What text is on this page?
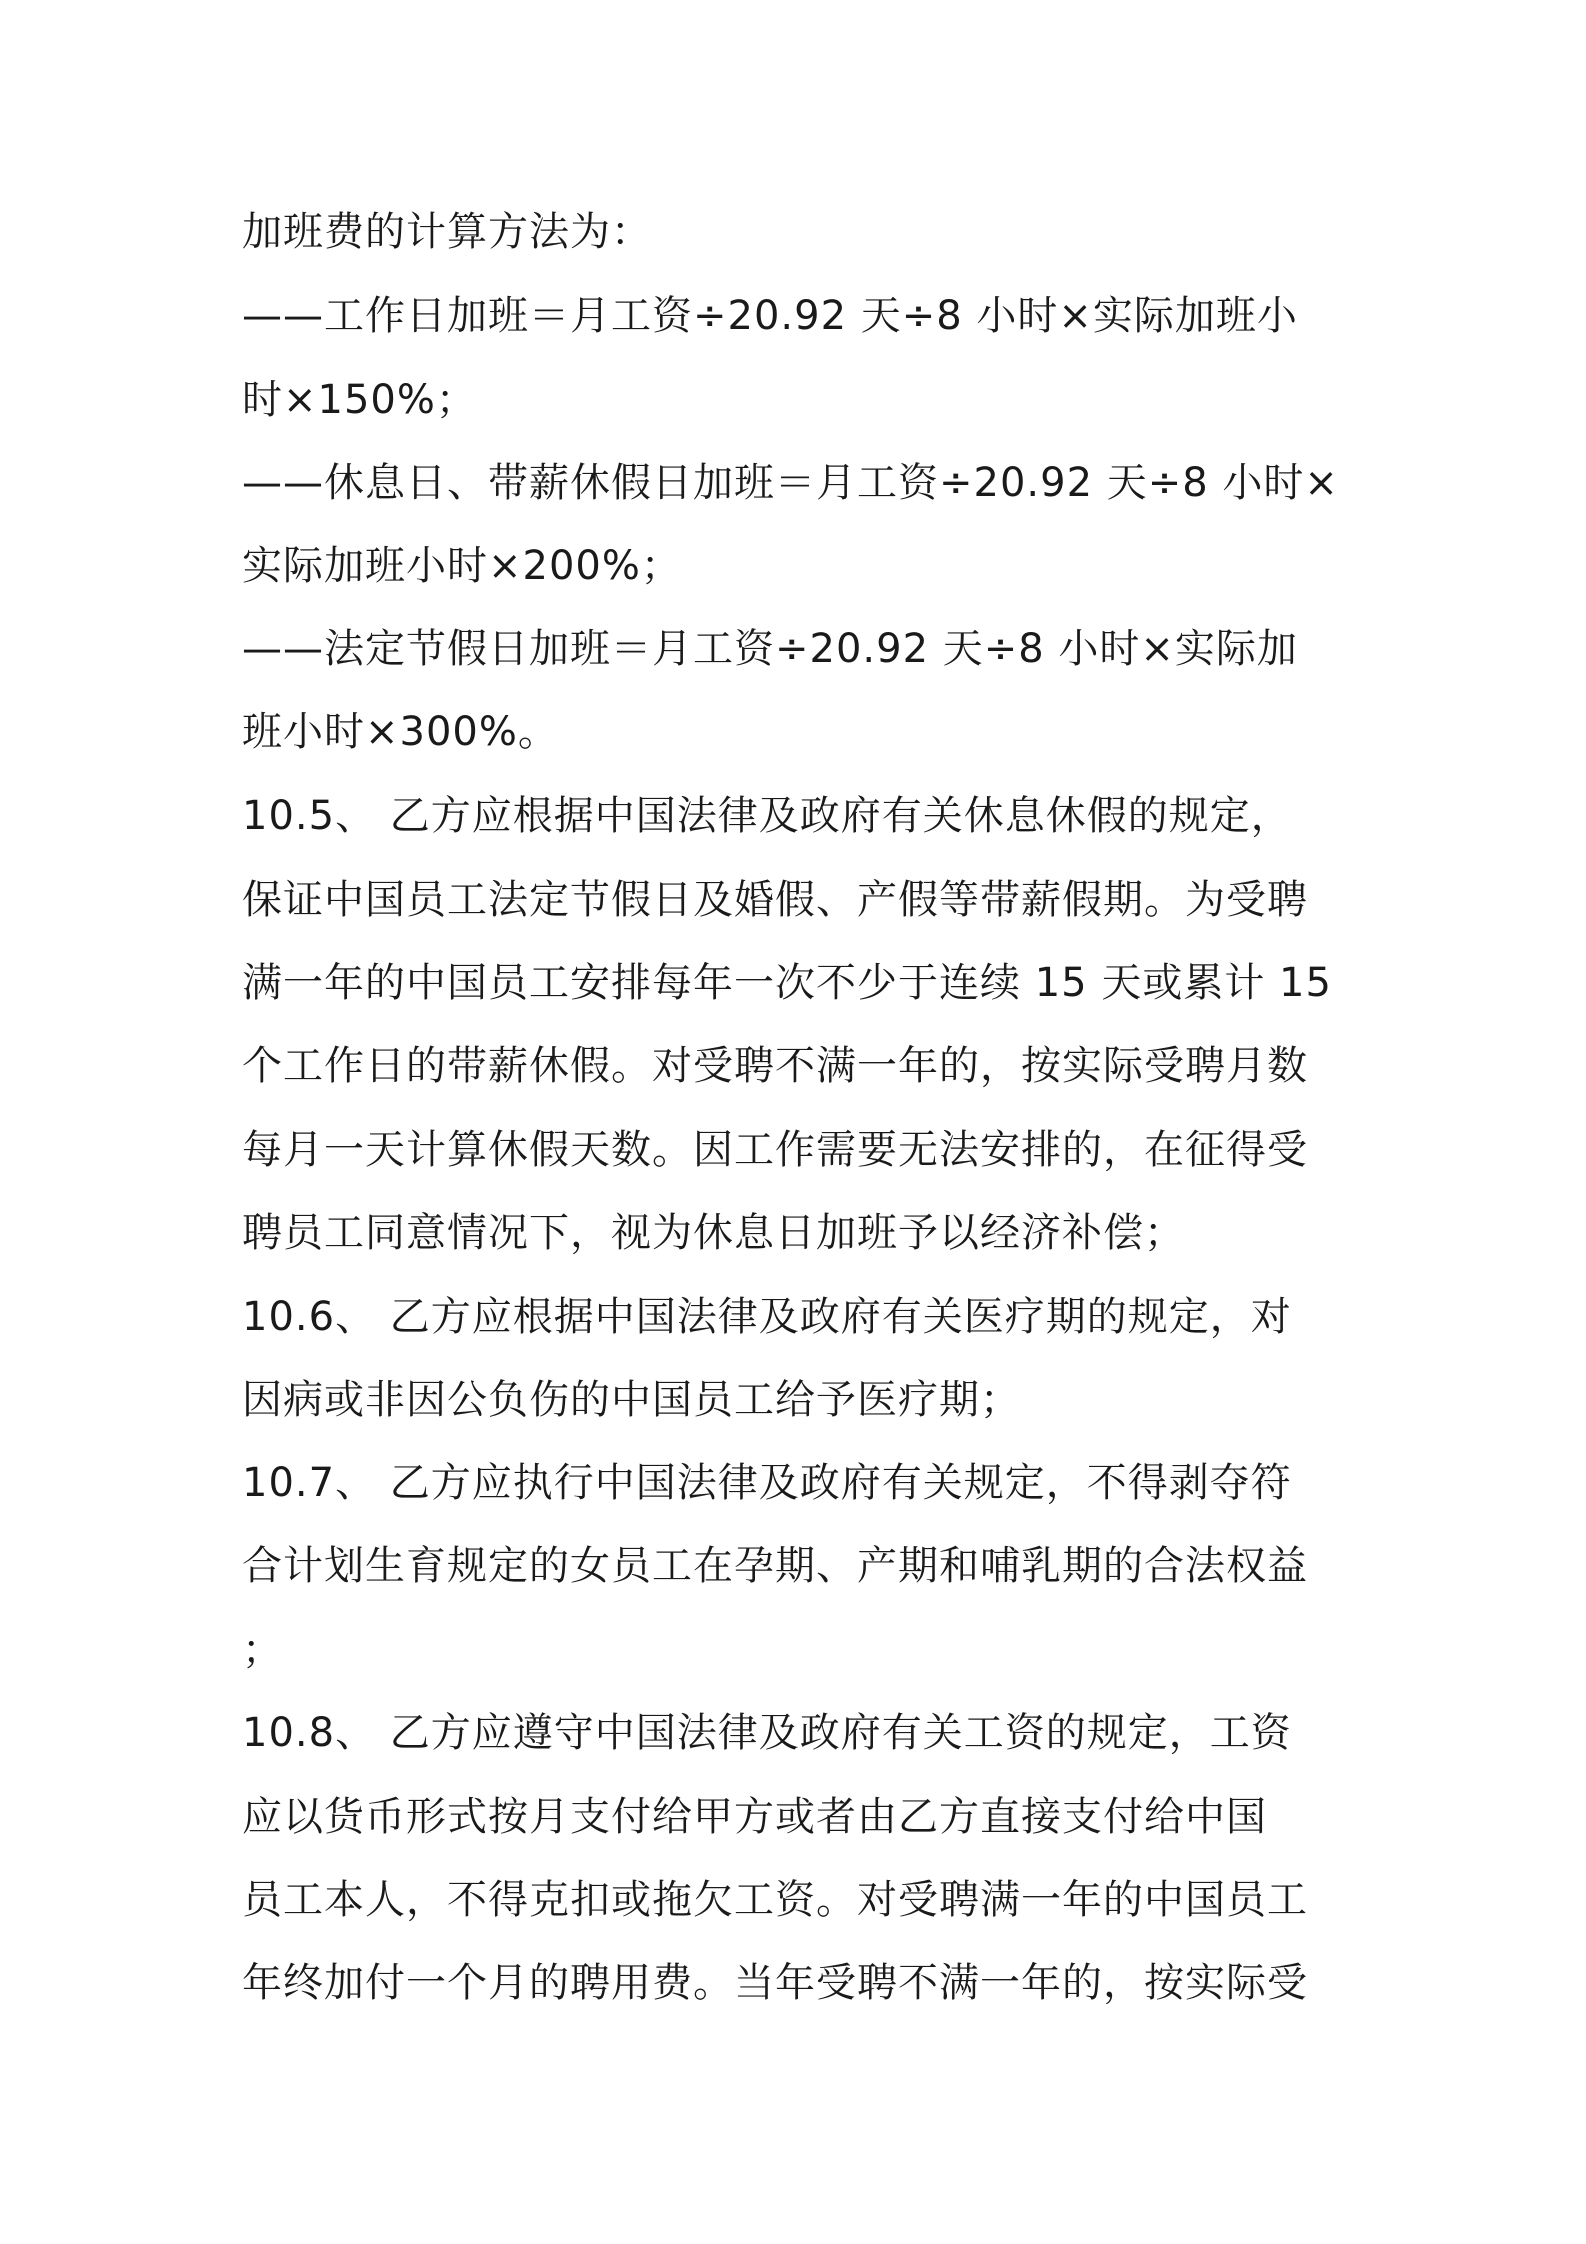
加班费的计算方法为：
——工作日加班＝月工资÷20.92 天÷8 小时×实际加班小
时×150%；
——休息日、带薪休假日加班＝月工资÷20.92 天÷8 小时×
实际加班小时×200%；
——法定节假日加班＝月工资÷20.92 天÷8 小时×实际加
班小时×300%。
10.5、 乙方应根据中国法律及政府有关休息休假的规定，
保证中国员工法定节假日及婚假、产假等带薪假期。为受聘
满一年的中国员工安排每年一次不少于连续 15 天或累计 15
个工作日的带薪休假。对受聘不满一年的，按实际受聘月数
每月一天计算休假天数。因工作需要无法安排的，在征得受
聘员工同意情况下，视为休息日加班予以经济补偿；
10.6、 乙方应根据中国法律及政府有关医疗期的规定，对
因病或非因公负伤的中国员工给予医疗期；
10.7、 乙方应执行中国法律及政府有关规定，不得剥夺符
合计划生育规定的女员工在孕期、产期和哺乳期的合法权益
；
10.8、 乙方应遵守中国法律及政府有关工资的规定，工资
应以货币形式按月支付给甲方或者由乙方直接支付给中国
员工本人，不得克扣或拖欠工资。对受聘满一年的中国员工
年终加付一个月的聘用费。当年受聘不满一年的，按实际受
